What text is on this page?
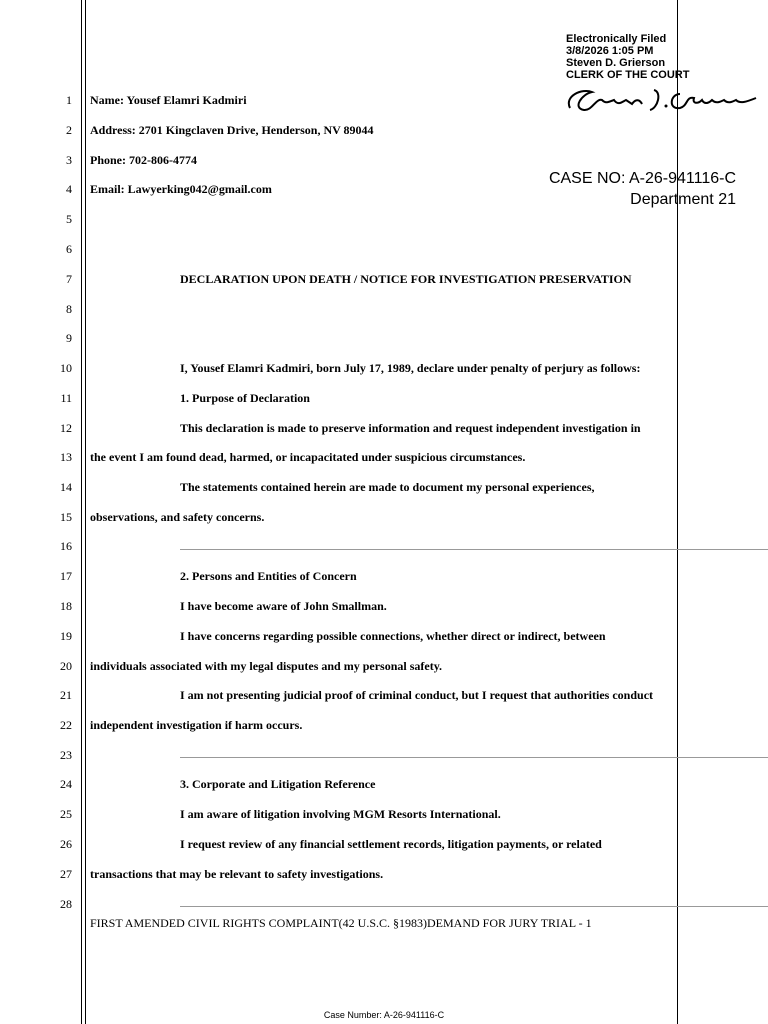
Electronically Filed
3/8/2026 1:05 PM
Steven D. Grierson
CLERK OF THE COURT
CASE NO: A-26-941116-C
Department 21
1
2
3
4
5
6
7
8
9
10
11
12
13
14
15
16
17
18
19
20
21
22
23
24
25
26
27
28
Name: Yousef Elamri Kadmiri
Address: 2701 Kingclaven Drive, Henderson, NV 89044
Phone: 702-806-4774
Email: Lawyerking042@gmail.com
DECLARATION UPON DEATH / NOTICE FOR INVESTIGATION PRESERVATION
I, Yousef Elamri Kadmiri, born July 17, 1989, declare under penalty of perjury as follows:
1. Purpose of Declaration
This declaration is made to preserve information and request independent investigation in
the event I am found dead, harmed, or incapacitated under suspicious circumstances.
The statements contained herein are made to document my personal experiences,
observations, and safety concerns.
2. Persons and Entities of Concern
I have become aware of John Smallman.
I have concerns regarding possible connections, whether direct or indirect, between
individuals associated with my legal disputes and my personal safety.
I am not presenting judicial proof of criminal conduct, but I request that authorities conduct
independent investigation if harm occurs.
3. Corporate and Litigation Reference
I am aware of litigation involving MGM Resorts International.
I request review of any financial settlement records, litigation payments, or related
transactions that may be relevant to safety investigations.
FIRST AMENDED CIVIL RIGHTS COMPLAINT(42 U.S.C. §1983)DEMAND FOR JURY TRIAL - 1
Case Number: A-26-941116-C
